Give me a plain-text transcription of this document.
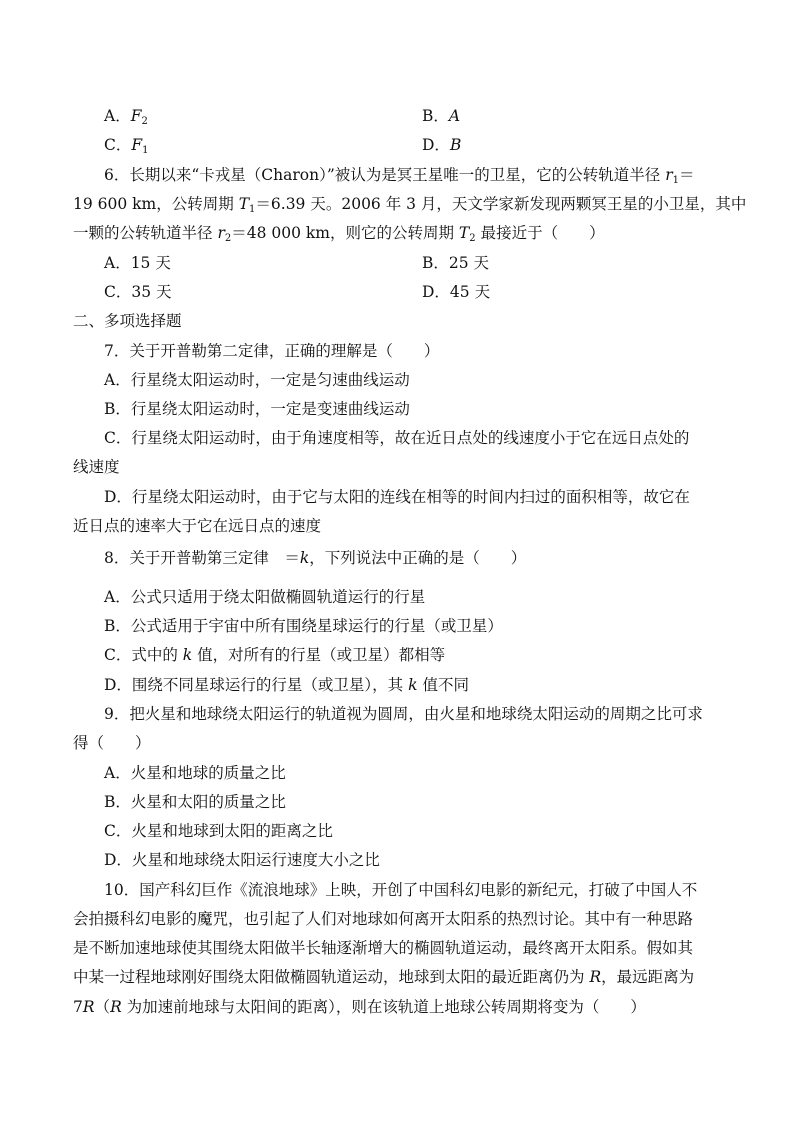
A．$F_2$	B．A
C．$F_1$	D．B
6．长期以来“卡戎星（Charon）”被认为是冥王星唯一的卫星，它的公转轨道半径 $r_1=$
19 600 km，公转周期 $T_1=6.39$ 天。2006 年 3 月，天文学家新发现两颗冥王星的小卫星，其中
一颗的公转轨道半径 $r_2=48$ 000 km，则它的公转周期 $T_2$ 最接近于（　　）
A．15 天	B．25 天
C．35 天	D．45 天
二、多项选择题
7．关于开普勒第二定律，正确的理解是（　　）
A．行星绕太阳运动时，一定是匀速曲线运动
B．行星绕太阳运动时，一定是变速曲线运动
C．行星绕太阳运动时，由于角速度相等，故在近日点处的线速度小于它在远日点处的
线速度
D．行星绕太阳运动时，由于它与太阳的连线在相等的时间内扫过的面积相等，故它在
近日点的速率大于它在远日点的速度
8．关于开普勒第三定律　＝k，下列说法中正确的是（　　）
A．公式只适用于绕太阳做椭圆轨道运行的行星
B．公式适用于宇宙中所有围绕星球运行的行星（或卫星）
C．式中的 k 值，对所有的行星（或卫星）都相等
D．围绕不同星球运行的行星（或卫星），其 k 值不同
9．把火星和地球绕太阳运行的轨道视为圆周，由火星和地球绕太阳运动的周期之比可求
得（　　）
A．火星和地球的质量之比
B．火星和太阳的质量之比
C．火星和地球到太阳的距离之比
D．火星和地球绕太阳运行速度大小之比
10．国产科幻巨作《流浪地球》上映，开创了中国科幻电影的新纪元，打破了中国人不
会拍摄科幻电影的魔咒，也引起了人们对地球如何离开太阳系的热烈讨论。其中有一种思路
是不断加速地球使其围绕太阳做半长轴逐渐增大的椭圆轨道运动，最终离开太阳系。假如其
中某一过程地球刚好围绕太阳做椭圆轨道运动，地球到太阳的最近距离仍为 R，最远距离为
7R（R 为加速前地球与太阳间的距离），则在该轨道上地球公转周期将变为（　　）
